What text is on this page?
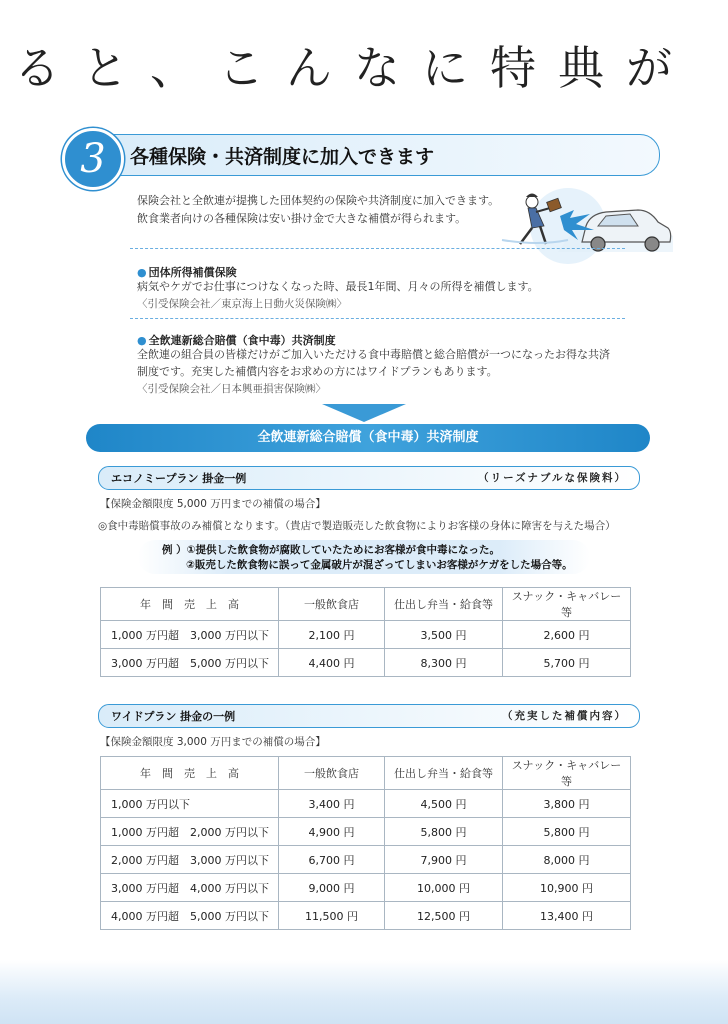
ると、こんなに特典が
3	各種保険・共済制度に加入できます
保険会社と全飲連が提携した団体契約の保険や共済制度に加入できます。
飲食業者向けの各種保険は安い掛け金で大きな補償が得られます。
● 団体所得補償保険
病気やケガでお仕事につけなくなった時、最長1年間、月々の所得を補償します。
〈引受保険会社／東京海上日動火災保険㈱〉
● 全飲連新総合賠償（食中毒）共済制度
全飲連の組合員の皆様だけがご加入いただける食中毒賠償と総合賠償が一つになったお得な共済
制度です。充実した補償内容をお求めの方にはワイドプランもあります。
〈引受保険会社／日本興亜損害保険㈱〉
全飲連新総合賠償（食中毒）共済制度
エコノミープラン 掛金一例	（リーズナブルな保険料）
【保険金額限度 5,000 万円までの補償の場合】
◎食中毒賠償事故のみ補償となります。（貴店で製造販売した飲食物によりお客様の身体に障害を与えた場合）
例 ）①提供した飲食物が腐敗していたためにお客様が食中毒になった。
②販売した飲食物に誤って金属破片が混ざってしまいお客様がケガをした場合等。
年　間　売　上　高	一般飲食店	仕出し弁当・給食等	スナック・キャバレー等
1,000 万円超　3,000 万円以下	2,100 円	3,500 円	2,600 円
3,000 万円超　5,000 万円以下	4,400 円	8,300 円	5,700 円
ワイドプラン 掛金の一例	（充実した補償内容）
【保険金額限度 3,000 万円までの補償の場合】
年　間　売　上　高	一般飲食店	仕出し弁当・給食等	スナック・キャバレー等
1,000 万円以下	3,400 円	4,500 円	3,800 円
1,000 万円超　2,000 万円以下	4,900 円	5,800 円	5,800 円
2,000 万円超　3,000 万円以下	6,700 円	7,900 円	8,000 円
3,000 万円超　4,000 万円以下	9,000 円	10,000 円	10,900 円
4,000 万円超　5,000 万円以下	11,500 円	12,500 円	13,400 円
